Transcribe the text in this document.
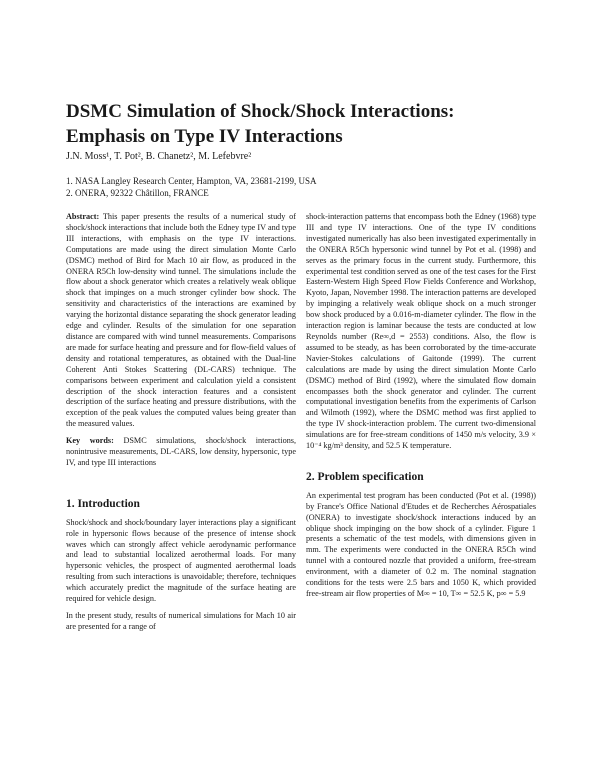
DSMC Simulation of Shock/Shock Interactions:
Emphasis on Type IV Interactions
J.N. Moss¹, T. Pot², B. Chanetz², M. Lefebvre²
1. NASA Langley Research Center, Hampton, VA, 23681-2199, USA
2. ONERA, 92322 Châtillon, FRANCE

Abstract: This paper presents the results of a numerical study of shock/shock interactions that include both the Edney type IV and type III interactions, with emphasis on the type IV interactions. Computations are made using the direct simulation Monte Carlo (DSMC) method of Bird for Mach 10 air flow, as produced in the ONERA R5Ch low-density wind tunnel. The simulations include the flow about a shock generator which creates a relatively weak oblique shock that impinges on a much stronger cylinder bow shock. The sensitivity and characteristics of the interactions are examined by varying the horizontal distance separating the shock generator leading edge and cylinder. Results of the simulation for one separation distance are compared with wind tunnel measurements. Comparisons are made for surface heating and pressure and for flow-field values of density and rotational temperatures, as obtained with the Dual-line Coherent Anti Stokes Scattering (DL-CARS) technique. The comparisons between experiment and calculation yield a consistent description of the shock interaction features and a consistent description of the surface heating and pressure distributions, with the exception of the peak values the computed values being greater than the measured values.

Key words: DSMC simulations, shock/shock interactions, nonintrusive measurements, DL-CARS, low density, hypersonic, type IV, and type III interactions

1. Introduction

Shock/shock and shock/boundary layer interactions play a significant role in hypersonic flows because of the presence of intense shock waves which can strongly affect vehicle aerodynamic performance and lead to substantial localized aerothermal loads. For many hypersonic vehicles, the prospect of augmented aerothermal loads resulting from such interactions is unavoidable; therefore, techniques which accurately predict the magnitude of the surface heating are required for vehicle design.

In the present study, results of numerical simulations for Mach 10 air are presented for a range of

shock-interaction patterns that encompass both the Edney (1968) type III and type IV interactions. One of the type IV conditions investigated numerically has also been investigated experimentally in the ONERA R5Ch hypersonic wind tunnel by Pot et al. (1998) and serves as the primary focus in the current study. Furthermore, this experimental test condition served as one of the test cases for the First Eastern-Western High Speed Flow Fields Conference and Workshop, Kyoto, Japan, November 1998. The interaction patterns are developed by impinging a relatively weak oblique shock on a much stronger bow shock produced by a 0.016-m-diameter cylinder. The flow in the interaction region is laminar because the tests are conducted at low Reynolds number (Re∞,d = 2553) conditions. Also, the flow is assumed to be steady, as has been corroborated by the time-accurate Navier-Stokes calculations of Gaitonde (1999). The current calculations are made by using the direct simulation Monte Carlo (DSMC) method of Bird (1992), where the simulated flow domain encompasses both the shock generator and cylinder. The current computational investigation benefits from the experiments of Carlson and Wilmoth (1992), where the DSMC method was first applied to the type IV shock-interaction problem. The current two-dimensional simulations are for free-stream conditions of 1450 m/s velocity, 3.9 × 10⁻⁴ kg/m³ density, and 52.5 K temperature.

2. Problem specification

An experimental test program has been conducted (Pot et al. (1998)) by France's Office National d'Etudes et de Recherches Aérospatiales (ONERA) to investigate shock/shock interactions induced by an oblique shock impinging on the bow shock of a cylinder. Figure 1 presents a schematic of the test models, with dimensions given in mm. The experiments were conducted in the ONERA R5Ch wind tunnel with a contoured nozzle that provided a uniform, free-stream environment, with a diameter of 0.2 m. The nominal stagnation conditions for the tests were 2.5 bars and 1050 K, which provided free-stream air flow properties of M∞ = 10, T∞ = 52.5 K, p∞ = 5.9
